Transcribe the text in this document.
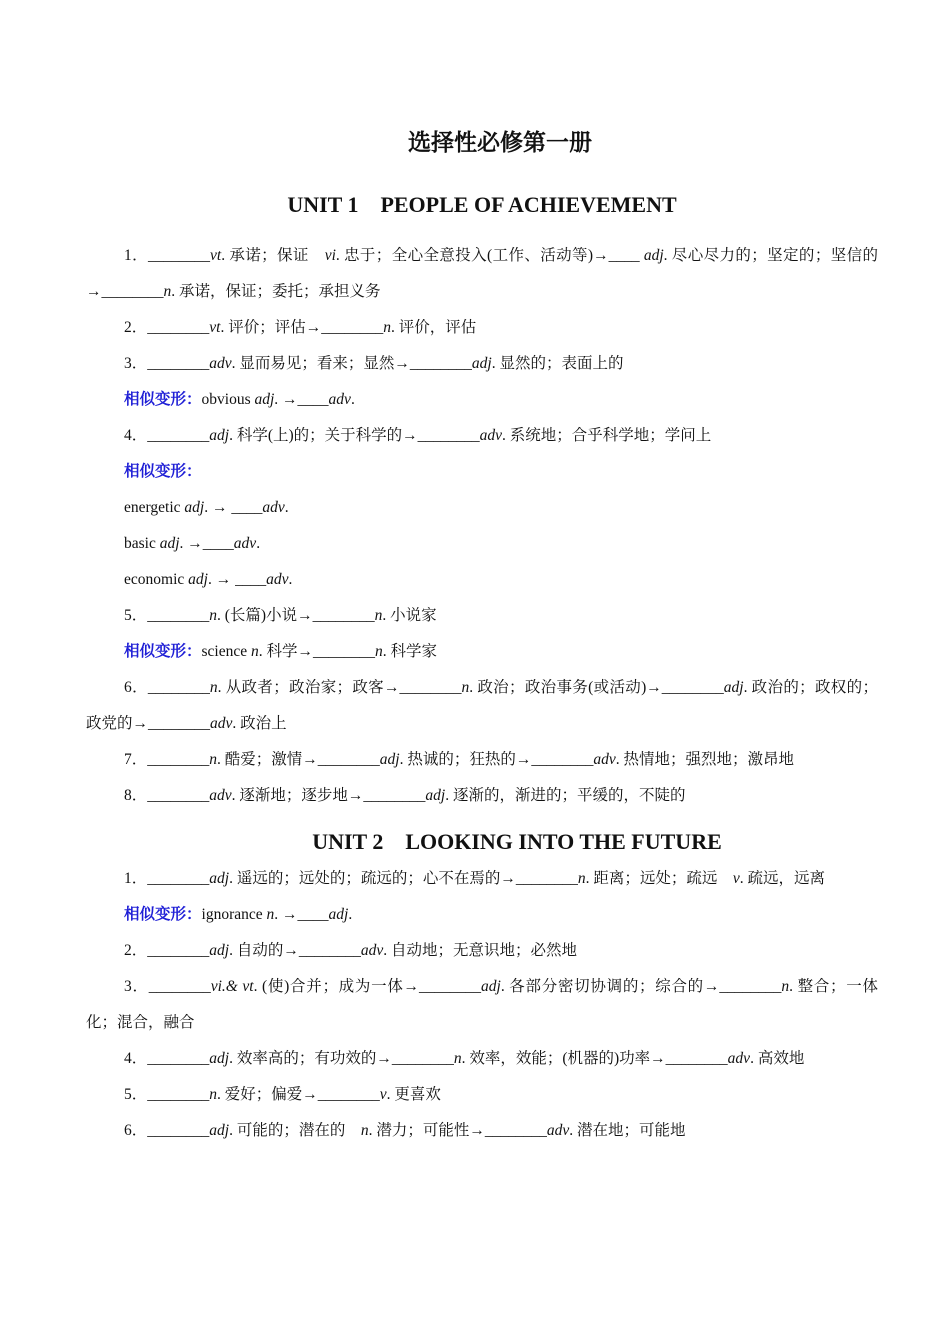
选择性必修第一册
UNIT 1　PEOPLE OF ACHIEVEMENT

1．________vt. 承诺；保证　vi. 忠于；全心全意投入(工作、活动等)→____ adj. 尽心尽力的；坚定的；坚信的→________n. 承诺，保证；委托；承担义务

2．________vt. 评价；评估→________n. 评价，评估

3．________adv. 显而易见；看来；显然→________adj. 显然的；表面上的

相似变形：obvious adj. →____adv.

4．________adj. 科学(上)的；关于科学的→________adv. 系统地；合乎科学地；学问上

相似变形：

energetic adj. → ____adv.

basic adj. →____adv.

economic adj. → ____adv.

5．________n. (长篇)小说→________n. 小说家

相似变形：science n. 科学→________n. 科学家

6．________n. 从政者；政治家；政客→________n. 政治；政治事务(或活动)→________adj. 政治的；政权的；政党的→________adv. 政治上

7．________n. 酷爱；激情→________adj. 热诚的；狂热的→________adv. 热情地；强烈地；激昂地

8．________adv. 逐渐地；逐步地→________adj. 逐渐的，渐进的；平缓的，不陡的

UNIT 2　LOOKING INTO THE FUTURE

1．________adj. 遥远的；远处的；疏远的；心不在焉的→________n. 距离；远处；疏远　v. 疏远，远离

相似变形：ignorance n. →____adj.

2．________adj. 自动的→________adv. 自动地；无意识地；必然地

3．________vi.& vt. (使)合并；成为一体→________adj. 各部分密切协调的；综合的→________n. 整合；一体化；混合，融合

4．________adj. 效率高的；有功效的→________n. 效率，效能；(机器的)功率→________adv. 高效地

5．________n. 爱好；偏爱→________v. 更喜欢

6．________adj. 可能的；潜在的　n. 潜力；可能性→________adv. 潜在地；可能地
